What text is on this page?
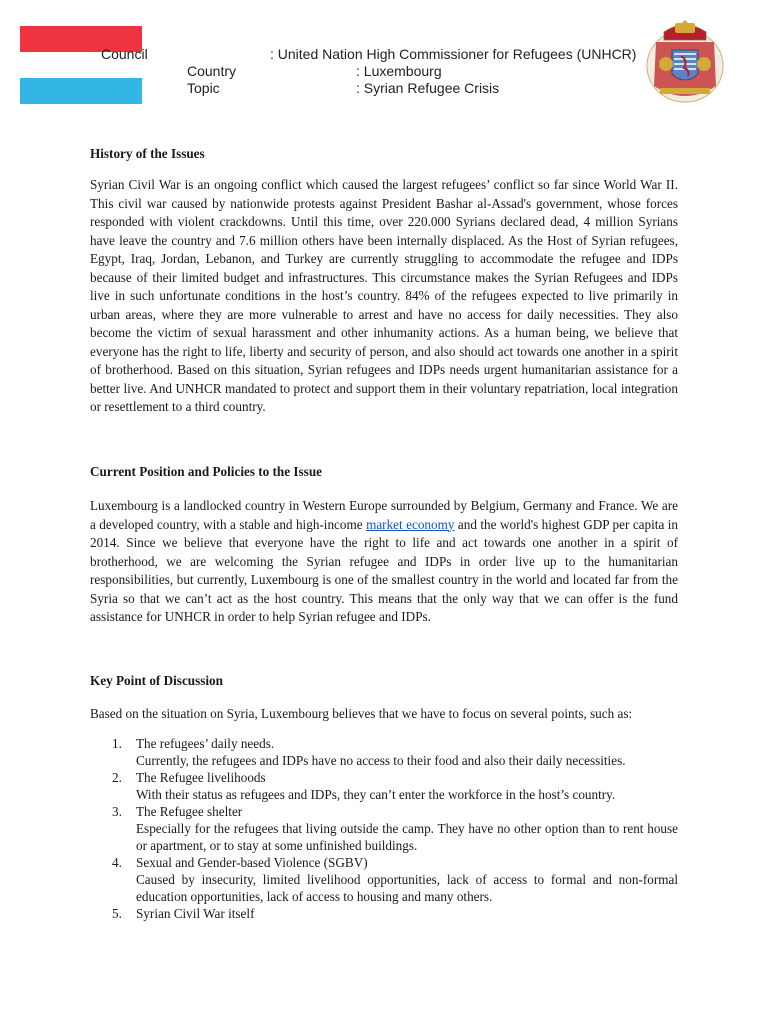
Council	: United Nation High Commissioner for Refugees (UNHCR)
Country	: Luxembourg
Topic	: Syrian Refugee Crisis
History of the Issues

Syrian Civil War is an ongoing conflict which caused the largest refugees’ conflict so far since World War II. This civil war caused by nationwide protests against President Bashar al-Assad's government, whose forces responded with violent crackdowns. Until this time, over 220.000 Syrians declared dead, 4 million Syrians have leave the country and 7.6 million others have been internally displaced. As the Host of Syrian refugees, Egypt, Iraq, Jordan, Lebanon, and Turkey are currently struggling to accommodate the refugee and IDPs because of their limited budget and infrastructures. This circumstance makes the Syrian Refugees and IDPs live in such unfortunate conditions in the host’s country. 84% of the refugees expected to live primarily in urban areas, where they are more vulnerable to arrest and have no access for daily necessities. They also become the victim of sexual harassment and other inhumanity actions. As a human being, we believe that everyone has the right to life, liberty and security of person, and also should act towards one another in a spirit of brotherhood. Based on this situation, Syrian refugees and IDPs needs urgent humanitarian assistance for a better live. And UNHCR mandated to protect and support them in their voluntary repatriation, local integration or resettlement to a third country.

Current Position and Policies to the Issue

Luxembourg is a landlocked country in Western Europe surrounded by Belgium, Germany and France. We are a developed country, with a stable and high-income market economy and the world's highest GDP per capita in 2014. Since we believe that everyone have the right to life and act towards one another in a spirit of brotherhood, we are welcoming the Syrian refugee and IDPs in order live up to the humanitarian responsibilities, but currently, Luxembourg is one of the smallest country in the world and located far from the Syria so that we can’t act as the host country. This means that the only way that we can offer is the fund assistance for UNHCR in order to help Syrian refugee and IDPs.

Key Point of Discussion

Based on the situation on Syria, Luxembourg believes that we have to focus on several points, such as:

1. The refugees’ daily needs.
Currently, the refugees and IDPs have no access to their food and also their daily necessities.
2. The Refugee livelihoods
With their status as refugees and IDPs, they can’t enter the workforce in the host’s country.
3. The Refugee shelter
Especially for the refugees that living outside the camp. They have no other option than to rent house or apartment, or to stay at some unfinished buildings.
4. Sexual and Gender-based Violence (SGBV)
Caused by insecurity, limited livelihood opportunities, lack of access to formal and non-formal education opportunities, lack of access to housing and many others.
5. Syrian Civil War itself
